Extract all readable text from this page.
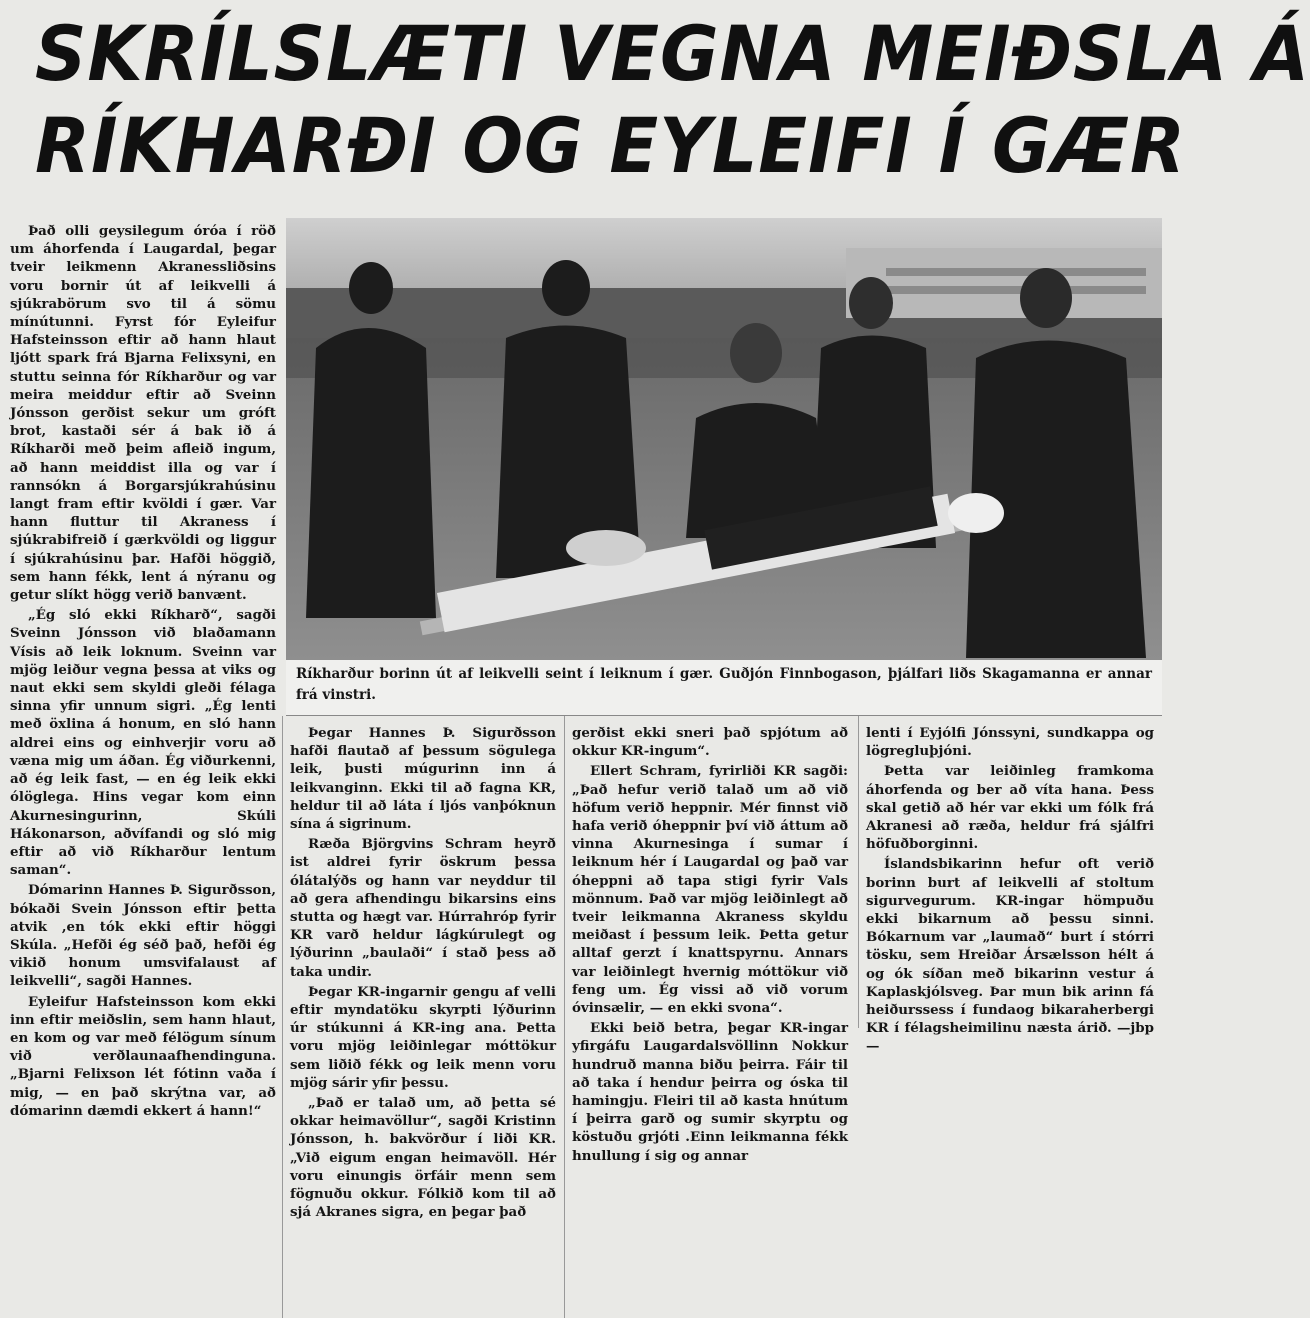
SKRÍLSLÆTI VEGNA MEIÐSLA Á
RÍKHARÐI OG EYLEIFI Í GÆR
Ríkharður borinn út af leikvelli seint í leiknum í gær. Guðjón Finnbogason, þjálfari liðs Skagamanna er annar frá vinstri.

Það olli geysilegum óróa í röð um áhorfenda í Laugardal, þegar tveir leikmenn Akranessliðsins voru bornir út af leikvelli á sjúkrabörum svo til á sömu mínútunni. Fyrst fór Eyleifur Hafsteinsson eftir að hann hlaut ljótt spark frá Bjarna Felixsyni, en stuttu seinna fór Ríkharður og var meira meiddur eftir að Sveinn Jónsson gerðist sekur um gróft brot, kastaði sér á bak ið á Ríkharði með þeim afleið ingum, að hann meiddist illa og var í rannsókn á Borgarsjúkrahúsinu langt fram eftir kvöldi í gær. Var hann fluttur til Akraness í sjúkrabifreið í gærkvöldi og liggur í sjúkrahúsinu þar. Hafði höggið, sem hann fékk, lent á nýranu og getur slíkt högg verið banvænt.

„Ég sló ekki Ríkharð“, sagði Sveinn Jónsson við blaðamann Vísis að leik loknum. Sveinn var mjög leiður vegna þessa at viks og naut ekki sem skyldi gleði félaga sinna yfir unnum sigri. „Ég lenti með öxlina á honum, en sló hann aldrei eins og einhverjir voru að væna mig um áðan. Ég viðurkenni, að ég leik fast, — en ég leik ekki ólöglega. Hins vegar kom einn Akurnesingurinn, Skúli Hákonarson, aðvífandi og sló mig eftir að við Ríkharður lentum saman“.

Dómarinn Hannes Þ. Sigurðsson, bókaði Svein Jónsson eftir þetta atvik ,en tók ekki eftir höggi Skúla. „Hefði ég séð það, hefði ég vikið honum umsvifalaust af leikvelli“, sagði Hannes.

Eyleifur Hafsteinsson kom ekki inn eftir meiðslin, sem hann hlaut, en kom og var með félögum sínum við verðlaunaafhendinguna. „Bjarni Felixson lét fótinn vaða í mig, — en það skrýtna var, að dómarinn dæmdi ekkert á hann!“

Þegar Hannes Þ. Sigurðsson hafði flautað af þessum sögulega leik, þusti múgurinn inn á leikvanginn. Ekki til að fagna KR, heldur til að láta í ljós vanþóknun sína á sigrinum.

Ræða Björgvins Schram heyrð ist aldrei fyrir öskrum þessa ólátalýðs og hann var neyddur til að gera afhendingu bikarsins eins stutta og hægt var. Húrrahróp fyrir KR varð heldur lágkúrulegt og lýðurinn „baulaði“ í stað þess að taka undir.

Þegar KR-ingarnir gengu af velli eftir myndatöku skyrpti lýðurinn úr stúkunni á KR-ing ana. Þetta voru mjög leiðinlegar móttökur sem liðið fékk og leik menn voru mjög sárir yfir þessu.

„Það er talað um, að þetta sé okkar heimavöllur“, sagði Kristinn Jónsson, h. bakvörður í liði KR. „Við eigum engan heimavöll. Hér voru einungis örfáir menn sem fögnuðu okkur. Fólkið kom til að sjá Akranes sigra, en þegar það

gerðist ekki sneri það spjótum að okkur KR-ingum“.

Ellert Schram, fyrirliði KR sagði: „Það hefur verið talað um að við höfum verið heppnir. Mér finnst við hafa verið óheppnir því við áttum að vinna Akurnesinga í sumar í leiknum hér í Laugardal og það var óheppni að tapa stigi fyrir Vals mönnum. Það var mjög leiðinlegt að tveir leikmanna Akraness skyldu meiðast í þessum leik. Þetta getur alltaf gerzt í knattspyrnu. Annars var leiðinlegt hvernig móttökur við feng um. Ég vissi að við vorum óvinsælir, — en ekki svona“.

Ekki beið betra, þegar KR-ingar yfirgáfu Laugardalsvöllinn Nokkur hundruð manna biðu þeirra. Fáir til að taka í hendur þeirra og óska til hamingju. Fleiri til að kasta hnútum í þeirra garð og sumir skyrptu og köstuðu grjóti .Einn leikmanna fékk hnullung í sig og annar

lenti í Eyjólfi Jónssyni, sundkappa og lögregluþjóni.

Þetta var leiðinleg framkoma áhorfenda og ber að víta hana. Þess skal getið að hér var ekki um fólk frá Akranesi að ræða, heldur frá sjálfri höfuðborginni.

Íslandsbikarinn hefur oft verið borinn burt af leikvelli af stoltum sigurvegurum. KR-ingar hömpuðu ekki bikarnum að þessu sinni. Bókarnum var „laumað“ burt í stórri tösku, sem Hreiðar Ársælsson hélt á og ók síðan með bikarinn vestur á Kaplaskjólsveg. Þar mun bik arinn fá heiðurssess í fundaog bikaraherbergi KR í félagsheimilinu næsta árið. —jbp—
